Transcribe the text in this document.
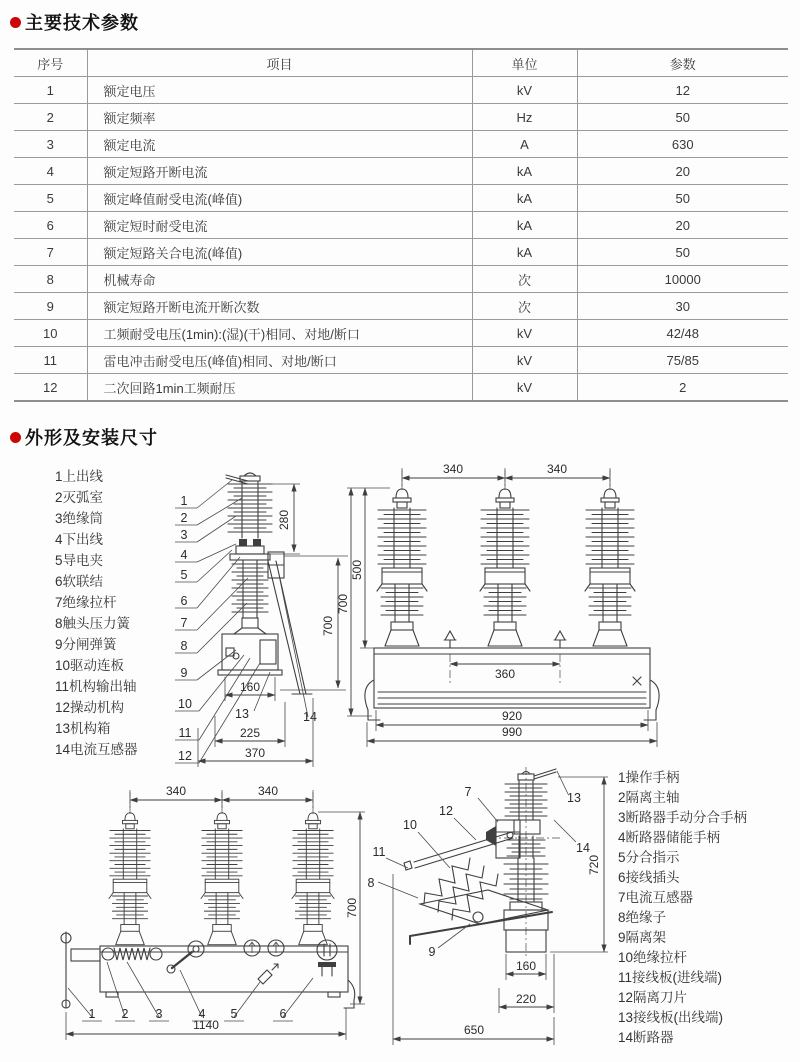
主要技术参数
序号	项目	单位	参数
1	额定电压	kV	12
2	额定频率	Hz	50
3	额定电流	A	630
4	额定短路开断电流	kA	20
5	额定峰值耐受电流(峰值)	kA	50
6	额定短时耐受电流	kA	20
7	额定短路关合电流(峰值)	kA	50
8	机械寿命	次	10000
9	额定短路开断电流开断次数	次	30
10	工频耐受电压(1min):(湿)(干)相同、对地/断口	kV	42/48
11	雷电冲击耐受电压(峰值)相同、对地/断口	kV	75/85
12	二次回路1min工频耐压	kV	2
外形及安装尺寸
1上出线
2灭弧室
3绝缘筒
4下出线
5导电夹
6软联结
7绝缘拉杆
8触头压力簧
9分闸弹簧
10驱动连板
11机构输出轴
12操动机构
13机构箱
14电流互感器
1操作手柄
2隔离主轴
3断路器手动分合手柄
4断路器储能手柄
5分合指示
6接线插头
7电流互感器
8绝缘子
9隔离架
10绝缘拉杆
11接线板(进线端)
12隔离刀片
13接线板(出线端)
14断路器
1
2
3
4
5
6
7
8
9
10
11
12
13	14
280
700
160
225
370
340	340
500
700
360
920
990
1 2 3	4 5	6
340	340
700
1140
7	13
14
12
10
11
8
9
720
160
220
650
